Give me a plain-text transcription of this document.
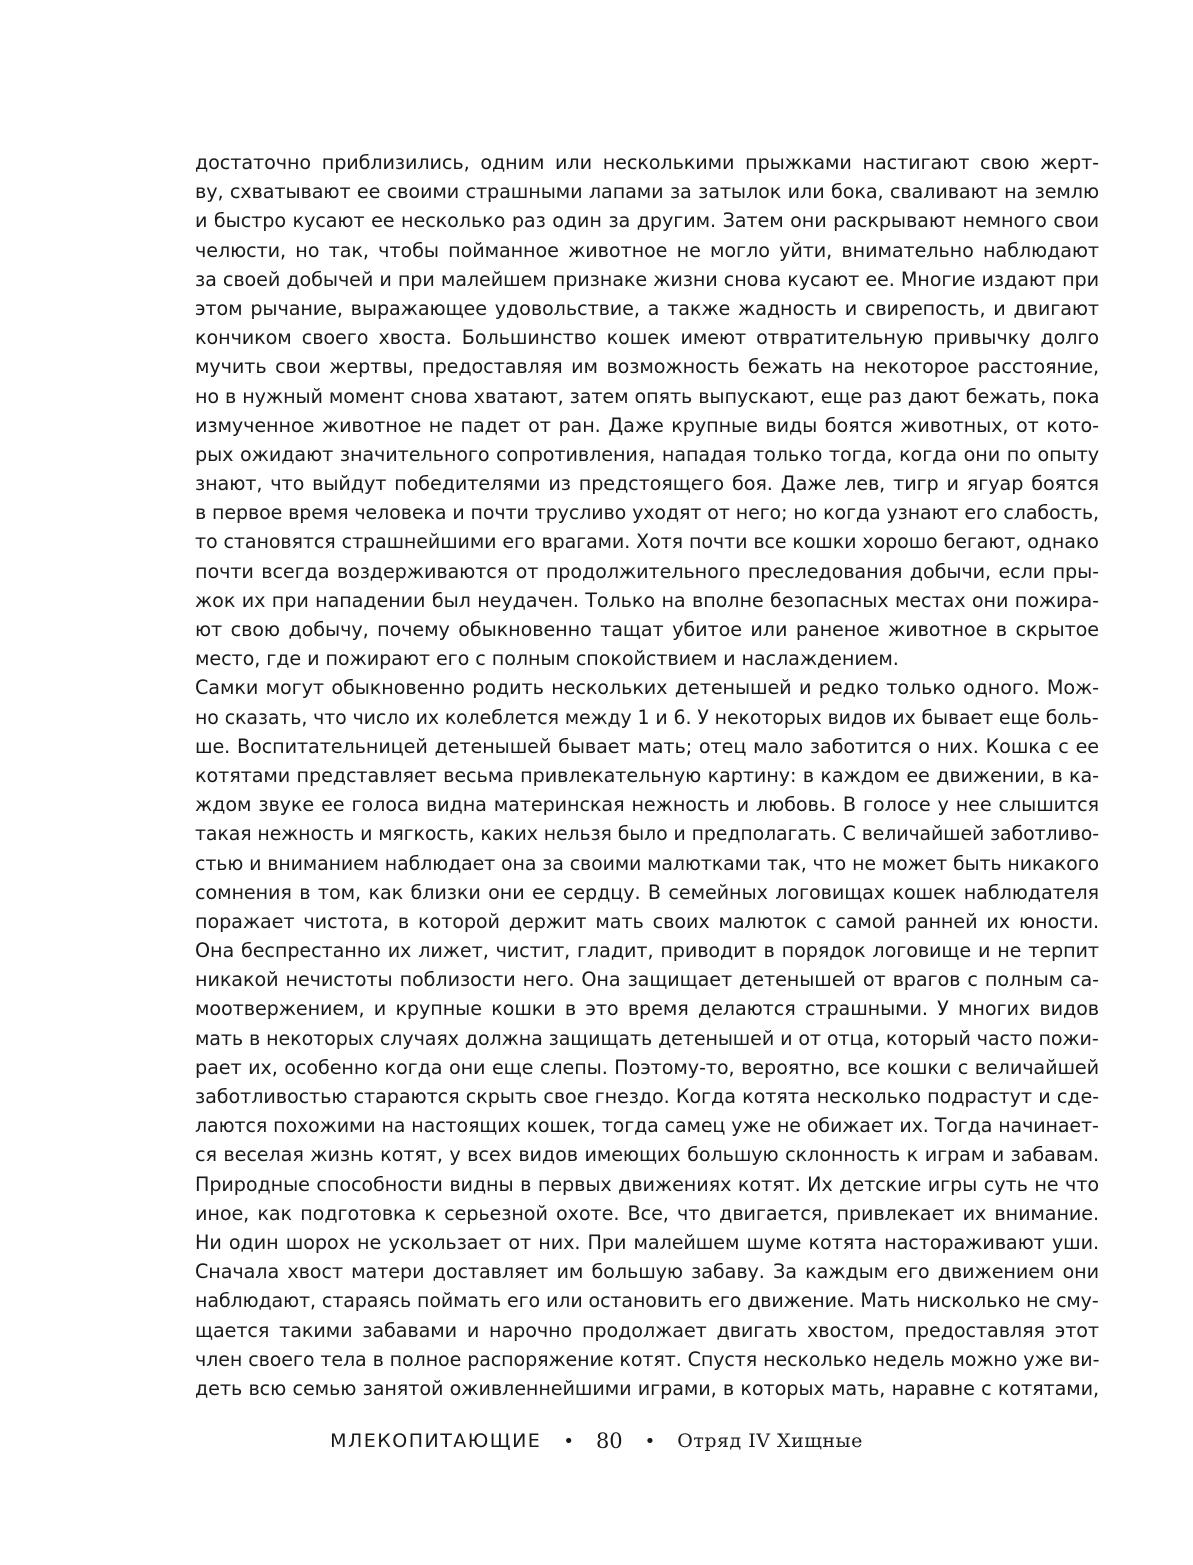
достаточно приблизились, одним или несколькими прыжками настигают свою жерт-
ву, схватывают ее своими страшными лапами за затылок или бока, сваливают на землю
и быстро кусают ее несколько раз один за другим. Затем они раскрывают немного свои
челюсти, но так, чтобы пойманное животное не могло уйти, внимательно наблюдают
за своей добычей и при малейшем признаке жизни снова кусают ее. Многие издают при
этом рычание, выражающее удовольствие, а также жадность и свирепость, и двигают
кончиком своего хвоста. Большинство кошек имеют отвратительную привычку долго
мучить свои жертвы, предоставляя им возможность бежать на некоторое расстояние,
но в нужный момент снова хватают, затем опять выпускают, еще раз дают бежать, пока
измученное животное не падет от ран. Даже крупные виды боятся животных, от кото-
рых ожидают значительного сопротивления, нападая только тогда, когда они по опыту
знают, что выйдут победителями из предстоящего боя. Даже лев, тигр и ягуар боятся
в первое время человека и почти трусливо уходят от него; но когда узнают его слабость,
то становятся страшнейшими его врагами. Хотя почти все кошки хорошо бегают, однако
почти всегда воздерживаются от продолжительного преследования добычи, если пры-
жок их при нападении был неудачен. Только на вполне безопасных местах они пожира-
ют свою добычу, почему обыкновенно тащат убитое или раненое животное в скрытое
место, где и пожирают его с полным спокойствием и наслаждением.
Самки могут обыкновенно родить нескольких детенышей и редко только одного. Мож-
но сказать, что число их колеблется между 1 и 6. У некоторых видов их бывает еще боль-
ше. Воспитательницей детенышей бывает мать; отец мало заботится о них. Кошка с ее
котятами представляет весьма привлекательную картину: в каждом ее движении, в ка-
ждом звуке ее голоса видна материнская нежность и любовь. В голосе у нее слышится
такая нежность и мягкость, каких нельзя было и предполагать. С величайшей заботливо-
стью и вниманием наблюдает она за своими малютками так, что не может быть никакого
сомнения в том, как близки они ее сердцу. В семейных логовищах кошек наблюдателя
поражает чистота, в которой держит мать своих малюток с самой ранней их юности.
Она беспрестанно их лижет, чистит, гладит, приводит в порядок логовище и не терпит
никакой нечистоты поблизости него. Она защищает детенышей от врагов с полным са-
моотвержением, и крупные кошки в это время делаются страшными. У многих видов
мать в некоторых случаях должна защищать детенышей и от отца, который часто пожи-
рает их, особенно когда они еще слепы. Поэтому-то, вероятно, все кошки с величайшей
заботливостью стараются скрыть свое гнездо. Когда котята несколько подрастут и сде-
лаются похожими на настоящих кошек, тогда самец уже не обижает их. Тогда начинает-
ся веселая жизнь котят, у всех видов имеющих большую склонность к играм и забавам.
Природные способности видны в первых движениях котят. Их детские игры суть не что
иное, как подготовка к серьезной охоте. Все, что двигается, привлекает их внимание.
Ни один шорох не ускользает от них. При малейшем шуме котята настораживают уши.
Сначала хвост матери доставляет им большую забаву. За каждым его движением они
наблюдают, стараясь поймать его или остановить его движение. Мать нисколько не сму-
щается такими забавами и нарочно продолжает двигать хвостом, предоставляя этот
член своего тела в полное распоряжение котят. Спустя несколько недель можно уже ви-
деть всю семью занятой оживленнейшими играми, в которых мать, наравне с котятами,
МЛЕКОПИТАЮЩИЕ • 80 • Отряд IV Хищные
